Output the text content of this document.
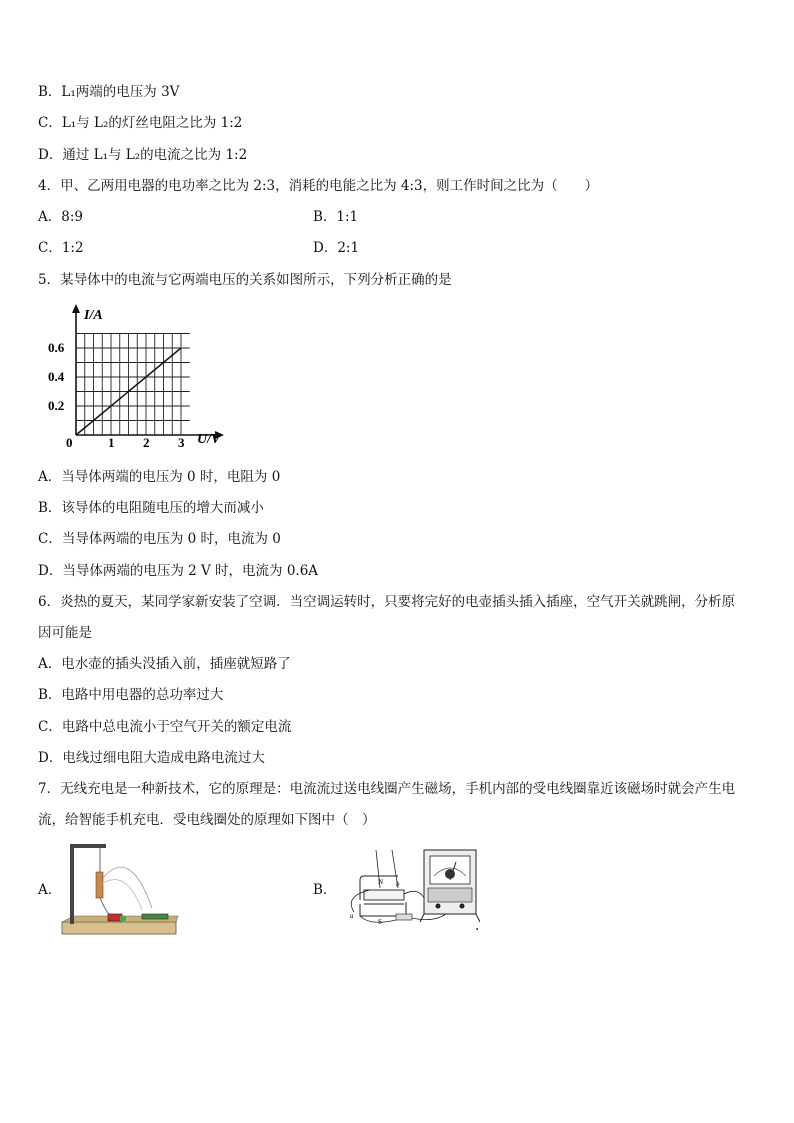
B．L₁两端的电压为 3V
C．L₁与 L₂的灯丝电阻之比为 1:2
D．通过 L₁与 L₂的电流之比为 1:2
4．甲、乙两用电器的电功率之比为 2:3，消耗的电能之比为 4:3，则工作时间之比为（　　）
A．8:9	B．1:1
C．1:2	D．2:1
5．某导体中的电流与它两端电压的关系如图所示，下列分析正确的是
I/A
U/V
0	1 2 3
0.2
0.4
0.6
A．当导体两端的电压为 0 时，电阻为 0
B．该导体的电阻随电压的增大而减小
C．当导体两端的电压为 0 时，电流为 0
D．当导体两端的电压为 2 V 时，电流为 0.6A
6．炎热的夏天，某同学家新安装了空调．当空调运转时，只要将完好的电壶插头插入插座，空气开关就跳闸，分析原
因可能是
A．电水壶的插头没插入前，插座就短路了
B．电路中用电器的总功率过大
C．电路中总电流小于空气开关的额定电流
D．电线过细电阻大造成电路电流过大
7．无线充电是一种新技术，它的原理是：电流流过送电线圈产生磁场，手机内部的受电线圈靠近该磁场时就会产生电
流，给智能手机充电．受电线圈处的原理如下图中（　）
A．	B．	N
S
a
b
.
